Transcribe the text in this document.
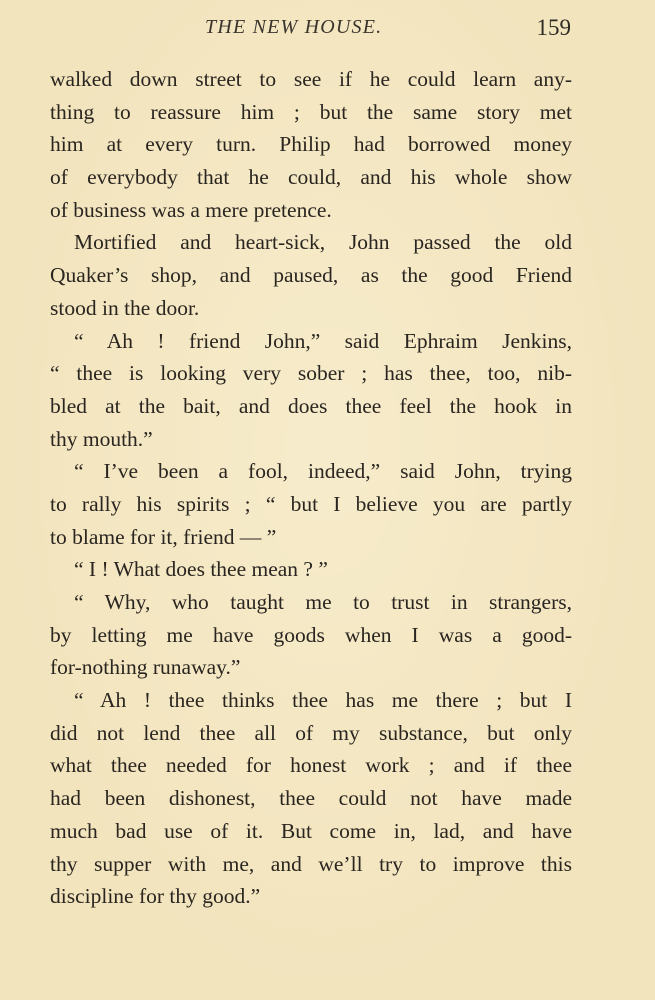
THE NEW HOUSE.	159
walked down street to see if he could learn any-
thing to reassure him ; but the same story met
him at every turn. Philip had borrowed money
of everybody that he could, and his whole show
of business was a mere pretence.
Mortified and heart-sick, John passed the old
Quaker’s shop, and paused, as the good Friend
stood in the door.
“ Ah ! friend John,” said Ephraim Jenkins,
“ thee is looking very sober ; has thee, too, nib-
bled at the bait, and does thee feel the hook in
thy mouth.”
“ I’ve been a fool, indeed,” said John, trying
to rally his spirits ; “ but I believe you are partly
to blame for it, friend — ”
“ I ! What does thee mean ? ”
“ Why, who taught me to trust in strangers,
by letting me have goods when I was a good-
for-nothing runaway.”
“ Ah ! thee thinks thee has me there ; but I
did not lend thee all of my substance, but only
what thee needed for honest work ; and if thee
had been dishonest, thee could not have made
much bad use of it. But come in, lad, and have
thy supper with me, and we’ll try to improve this
discipline for thy good.”
